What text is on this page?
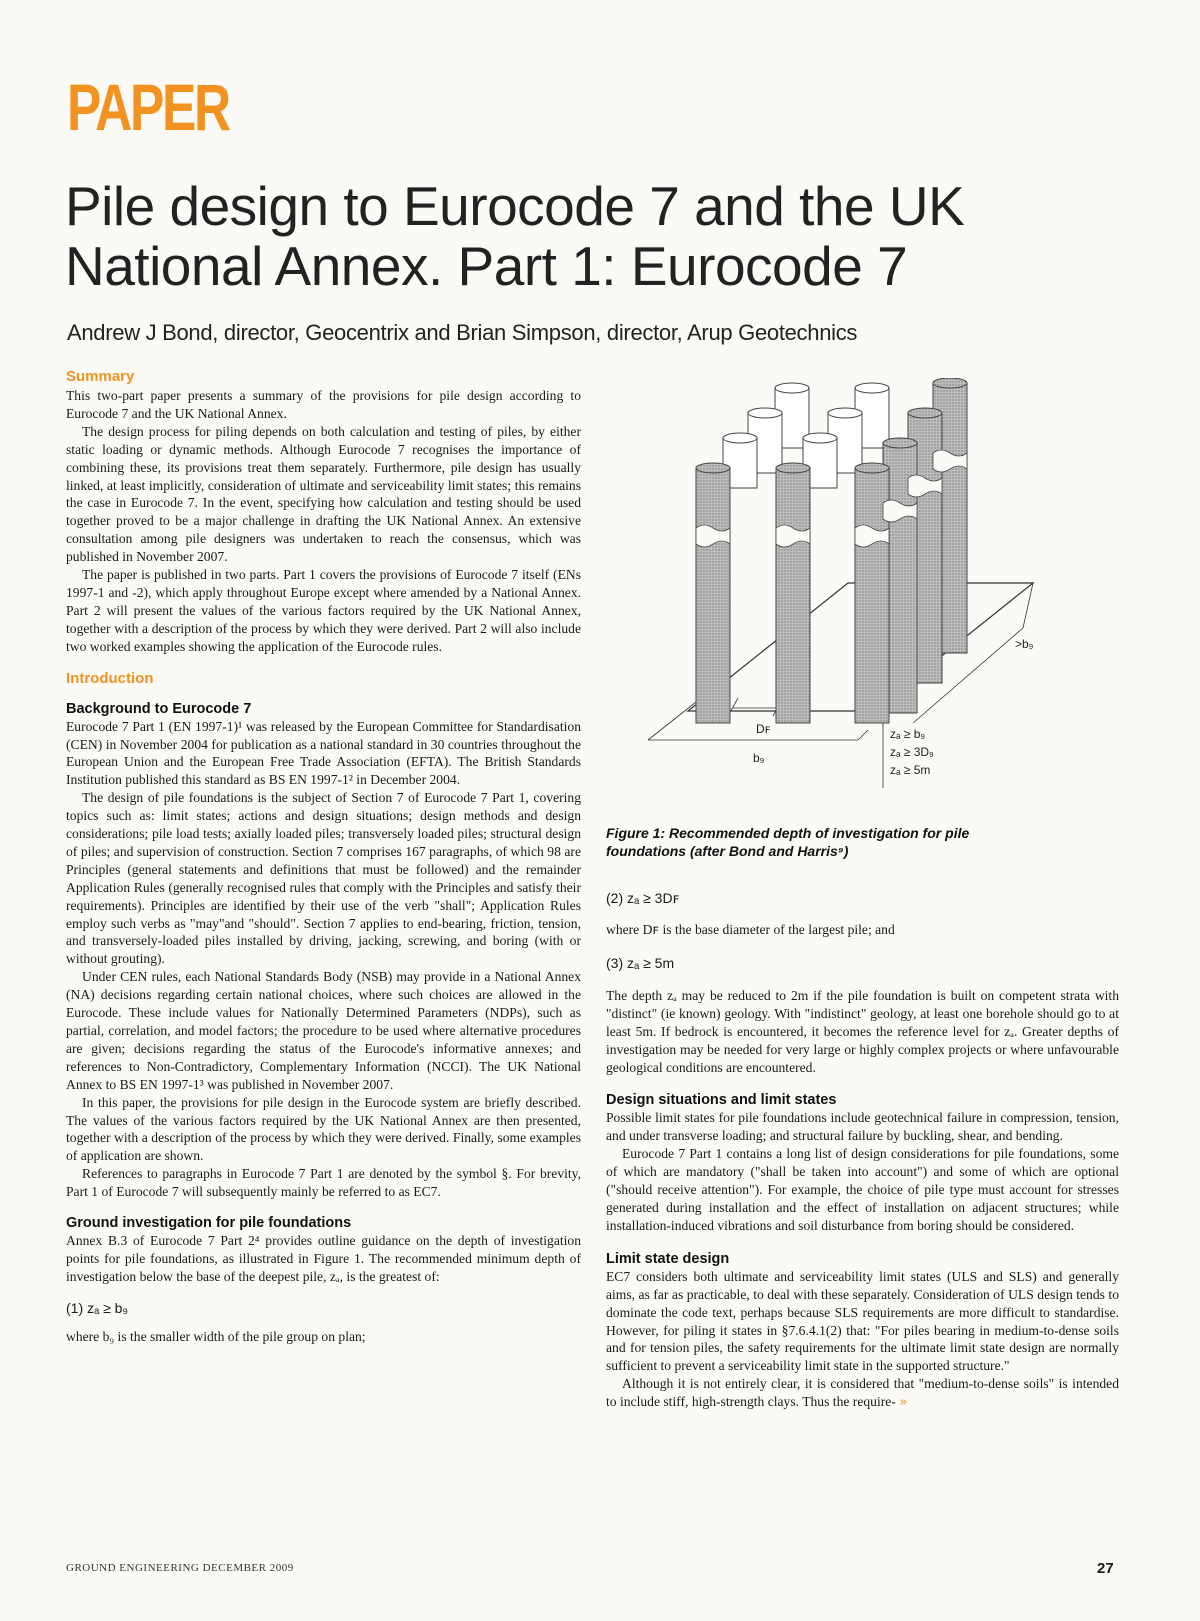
PAPER
Pile design to Eurocode 7 and the UK National Annex. Part 1: Eurocode 7

Andrew J Bond, director, Geocentrix and Brian Simpson, director, Arup Geotechnics

Summary

This two-part paper presents a summary of the provisions for pile design according to Eurocode 7 and the UK National Annex.

The design process for piling depends on both calculation and testing of piles, by either static loading or dynamic methods. Although Eurocode 7 recognises the importance of combining these, its provisions treat them separately. Furthermore, pile design has usually linked, at least implicitly, consideration of ultimate and serviceability limit states; this remains the case in Eurocode 7. In the event, specifying how calculation and testing should be used together proved to be a major challenge in drafting the UK National Annex. An extensive consultation among pile designers was undertaken to reach the consensus, which was published in November 2007.

The paper is published in two parts. Part 1 covers the provisions of Eurocode 7 itself (ENs 1997-1 and -2), which apply throughout Europe except where amended by a National Annex. Part 2 will present the values of the various factors required by the UK National Annex, together with a description of the process by which they were derived. Part 2 will also include two worked examples showing the application of the Eurocode rules.

Introduction

Background to Eurocode 7

Eurocode 7 Part 1 (EN 1997-1)¹ was released by the European Committee for Standardisation (CEN) in November 2004 for publication as a national standard in 30 countries throughout the European Union and the European Free Trade Association (EFTA). The British Standards Institution published this standard as BS EN 1997-1² in December 2004.

The design of pile foundations is the subject of Section 7 of Eurocode 7 Part 1, covering topics such as: limit states; actions and design situations; design methods and design considerations; pile load tests; axially loaded piles; transversely loaded piles; structural design of piles; and supervision of construction. Section 7 comprises 167 paragraphs, of which 98 are Principles (general statements and definitions that must be followed) and the remainder Application Rules (generally recognised rules that comply with the Principles and satisfy their requirements). Principles are identified by their use of the verb "shall"; Application Rules employ such verbs as "may"and "should". Section 7 applies to end-bearing, friction, tension, and transversely-loaded piles installed by driving, jacking, screwing, and boring (with or without grouting).

Under CEN rules, each National Standards Body (NSB) may provide in a National Annex (NA) decisions regarding certain national choices, where such choices are allowed in the Eurocode. These include values for Nationally Determined Parameters (NDPs), such as partial, correlation, and model factors; the procedure to be used where alternative procedures are given; decisions regarding the status of the Eurocode's informative annexes; and references to Non-Contradictory, Complementary Information (NCCI). The UK National Annex to BS EN 1997-1³ was published in November 2007.

In this paper, the provisions for pile design in the Eurocode system are briefly described. The values of the various factors required by the UK National Annex are then presented, together with a description of the process by which they were derived. Finally, some examples of application are shown.

References to paragraphs in Eurocode 7 Part 1 are denoted by the symbol §. For brevity, Part 1 of Eurocode 7 will subsequently mainly be referred to as EC7.

Ground investigation for pile foundations

Annex B.3 of Eurocode 7 Part 2⁴ provides outline guidance on the depth of investigation points for pile foundations, as illustrated in Figure 1. The recommended minimum depth of investigation below the base of the deepest pile, zₐ, is the greatest of:

(1) zₐ ≥ b₉

where b₉ is the smaller width of the pile group on plan;

Dꜰ
b₉
>b₉
zₐ ≥ b₉
zₐ ≥ 3D₉
zₐ ≥ 5m

Figure 1: Recommended depth of investigation for pile foundations (after Bond and Harris⁹)

(2) zₐ ≥ 3Dꜰ

where Dꜰ is the base diameter of the largest pile; and

(3) zₐ ≥ 5m

The depth zₐ may be reduced to 2m if the pile foundation is built on competent strata with "distinct" (ie known) geology. With "indistinct" geology, at least one borehole should go to at least 5m. If bedrock is encountered, it becomes the reference level for zₐ. Greater depths of investigation may be needed for very large or highly complex projects or where unfavourable geological conditions are encountered.

Design situations and limit states

Possible limit states for pile foundations include geotechnical failure in compression, tension, and under transverse loading; and structural failure by buckling, shear, and bending.

Eurocode 7 Part 1 contains a long list of design considerations for pile foundations, some of which are mandatory ("shall be taken into account") and some of which are optional ("should receive attention"). For example, the choice of pile type must account for stresses generated during installation and the effect of installation on adjacent structures; while installation-induced vibrations and soil disturbance from boring should be considered.

Limit state design

EC7 considers both ultimate and serviceability limit states (ULS and SLS) and generally aims, as far as practicable, to deal with these separately. Consideration of ULS design tends to dominate the code text, perhaps because SLS requirements are more difficult to standardise. However, for piling it states in §7.6.4.1(2) that: "For piles bearing in medium-to-dense soils and for tension piles, the safety requirements for the ultimate limit state design are normally sufficient to prevent a serviceability limit state in the supported structure."

Although it is not entirely clear, it is considered that "medium-to-dense soils" is intended to include stiff, high-strength clays. Thus the require- »

GROUND ENGINEERING DECEMBER 2009	27
